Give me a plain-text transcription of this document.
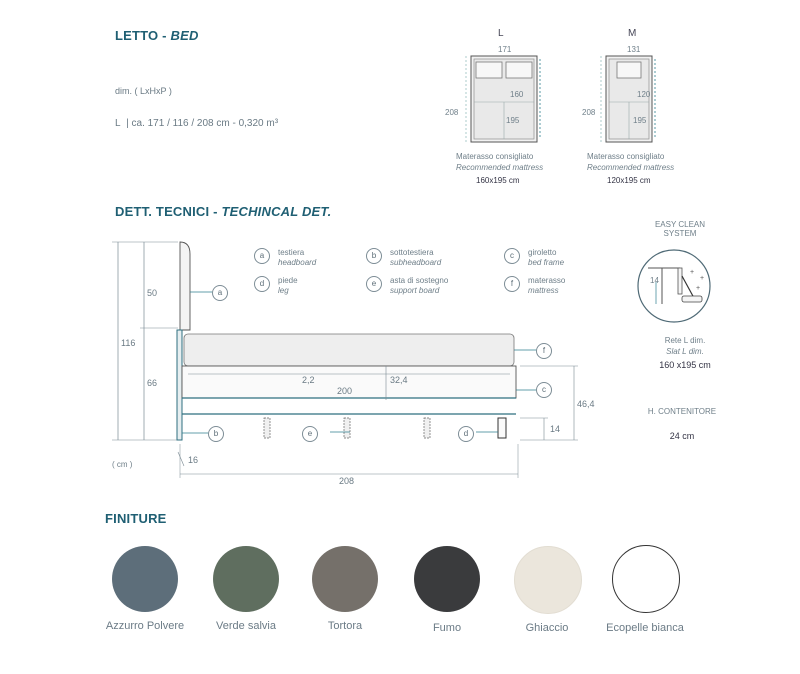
LETTO - BED
dim. ( LxHxP )
L | ca. 171 / 116 / 208 cm - 0,320 m³
L
171
208
160
195
Materasso consigliato
Recommended mattress
160x195 cm
M
131
208
120
195
Materasso consigliato
Recommended mattress
120x195 cm
DETT. TECNICI - TECHINCAL DET.
116
50
66	2,2	32,4
200
46,4
14
16
208
( cm )
a
b
c
d
e
f
a	testiera
headboard
b	sottotestiera
subheadboard
c	giroletto
bed frame
d	piede
leg
e	asta di sostegno
support board
f	materasso
mattress
EASY CLEAN
SYSTEM
+
+
+
14
Rete L dim.
Slat L dim.
160 x195 cm
H. CONTENITORE
24 cm
FINITURE
Azzurro Polvere	Verde salvia	Tortora	Fumo	Ghiaccio	Ecopelle bianca
